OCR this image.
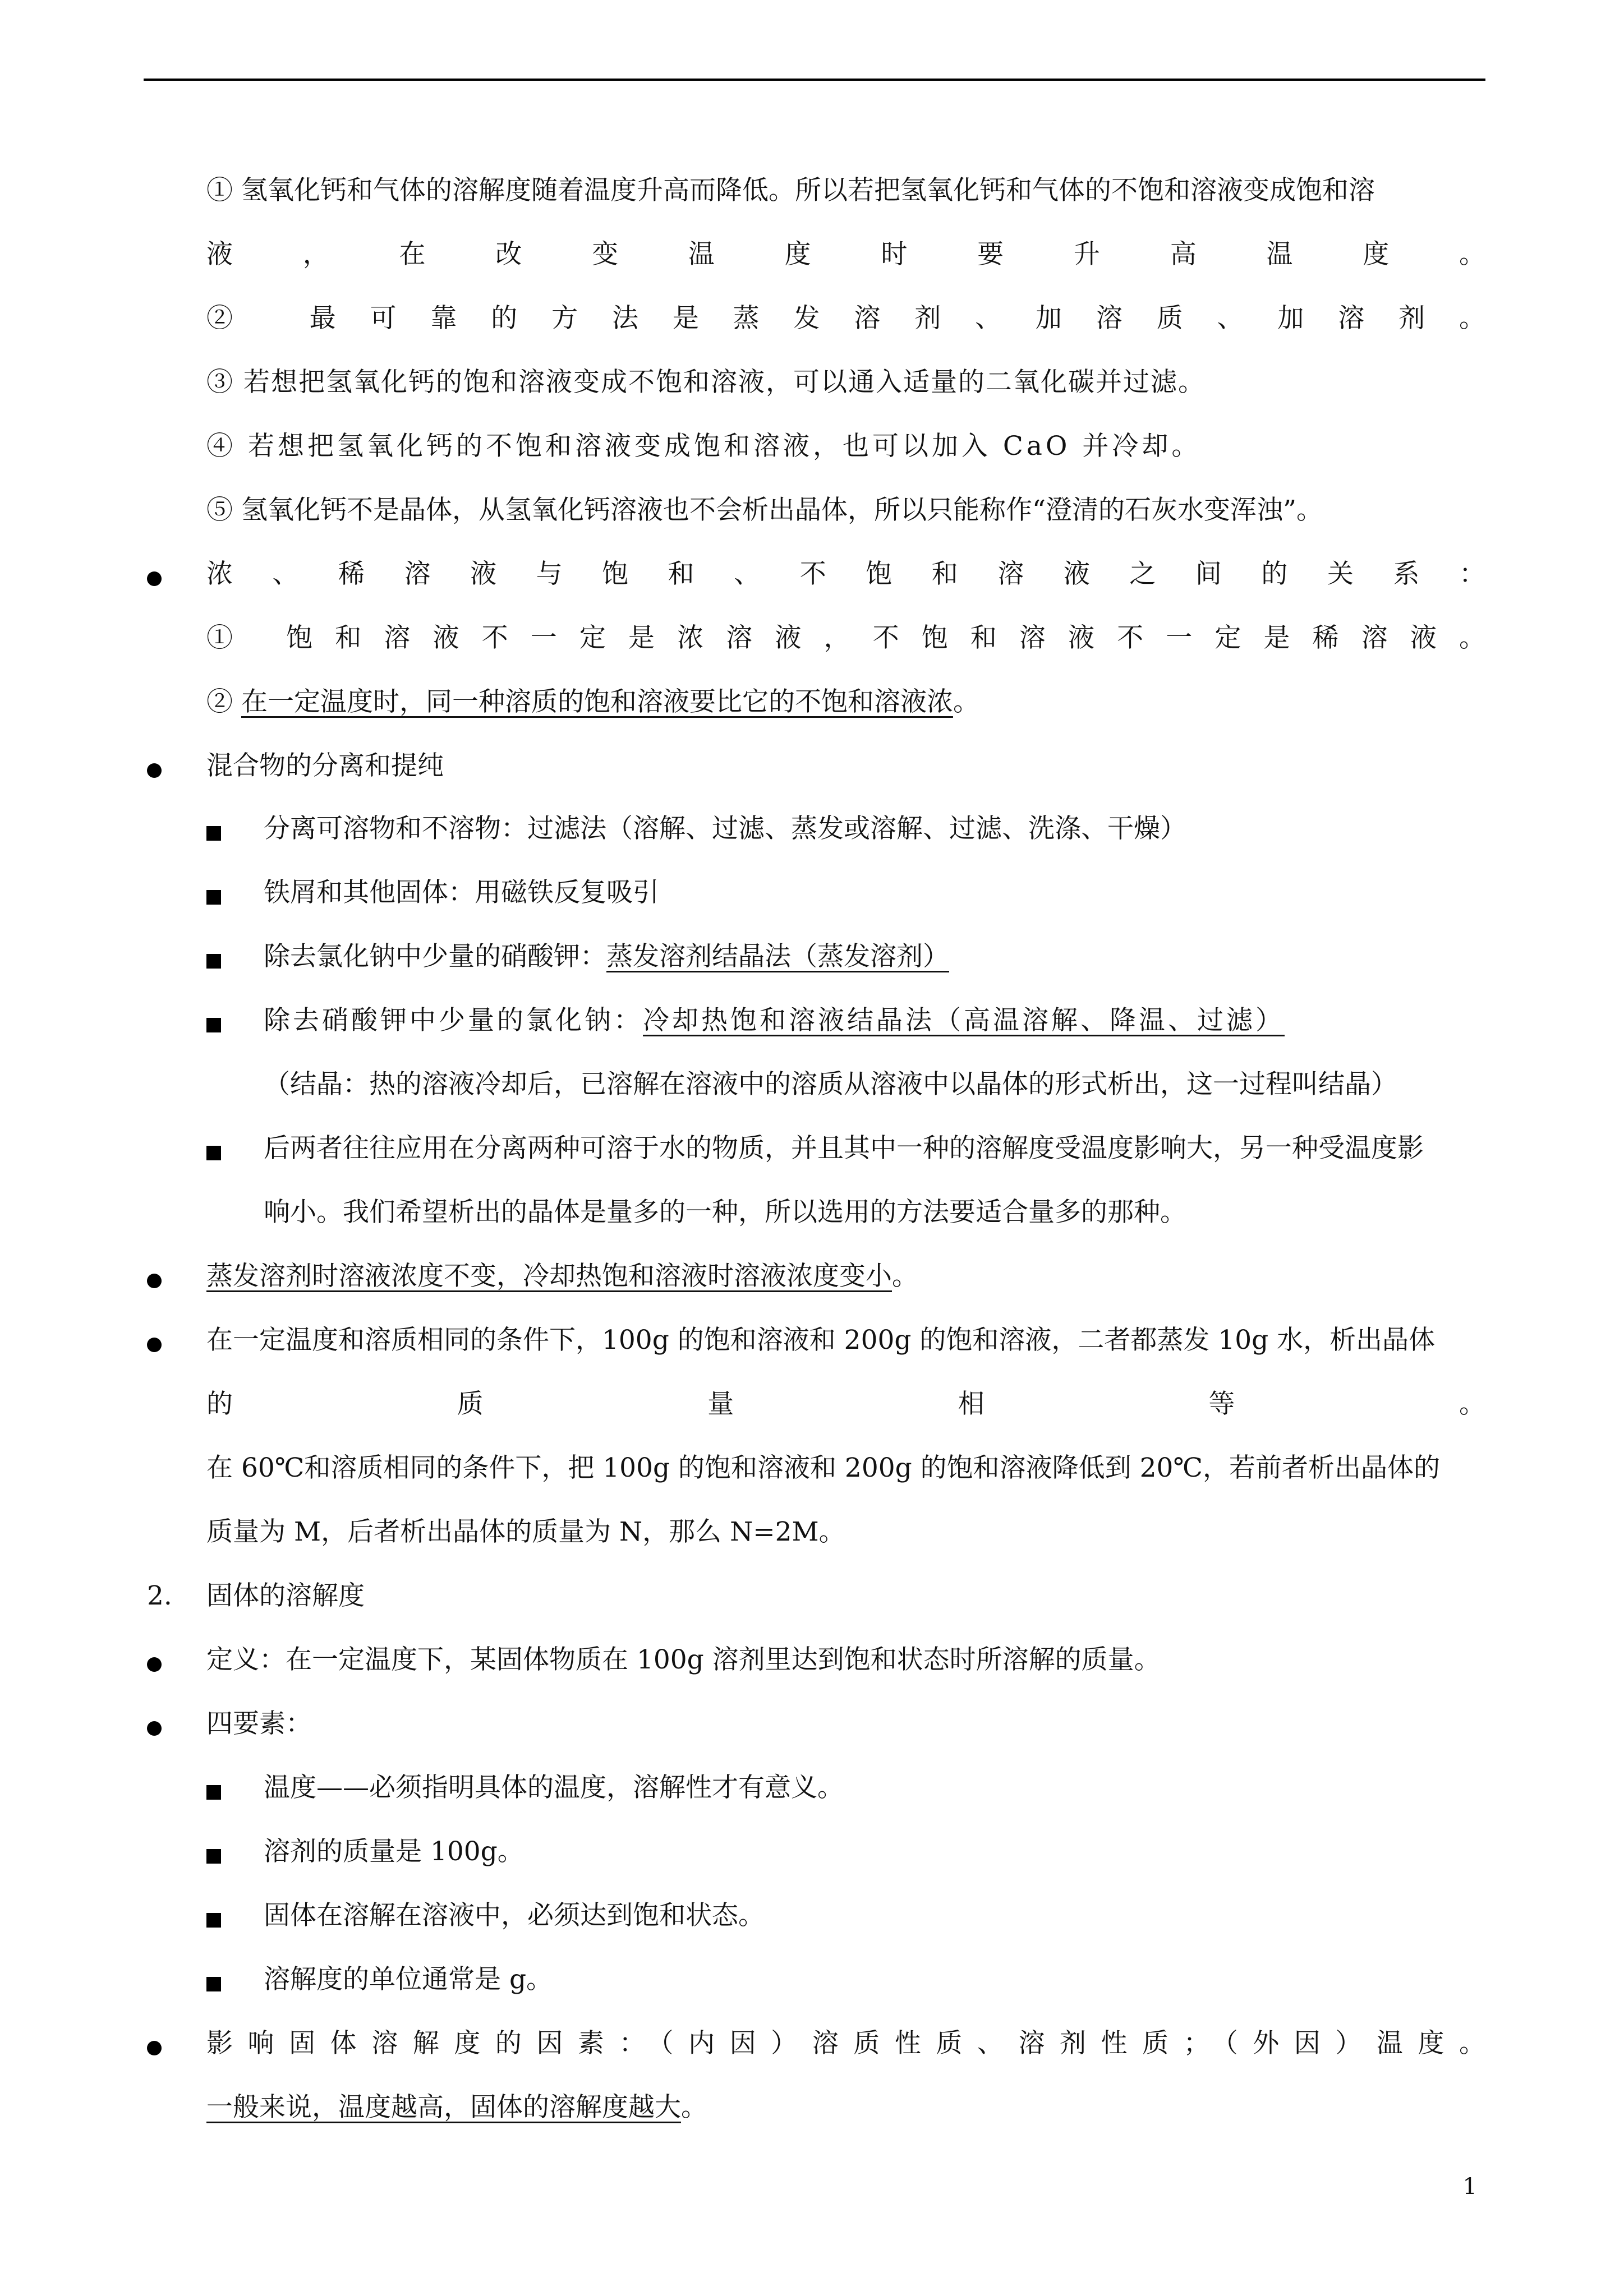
① 氢氧化钙和气体的溶解度随着温度升高而降低。所以若把氢氧化钙和气体的不饱和溶液变成饱和溶
液，在改变温度时要升高温度。
② 最可靠的方法是蒸发溶剂、加溶质、加溶剂。
③ 若想把氢氧化钙的饱和溶液变成不饱和溶液，可以通入适量的二氧化碳并过滤。
④ 若想把氢氧化钙的不饱和溶液变成饱和溶液，也可以加入 CaO 并冷却。
⑤ 氢氧化钙不是晶体，从氢氧化钙溶液也不会析出晶体，所以只能称作“澄清的石灰水变浑浊”。
浓、稀溶液与饱和、不饱和溶液之间的关系：
① 饱和溶液不一定是浓溶液，不饱和溶液不一定是稀溶液。
② 在一定温度时，同一种溶质的饱和溶液要比它的不饱和溶液浓。
混合物的分离和提纯
分离可溶物和不溶物：过滤法（溶解、过滤、蒸发或溶解、过滤、洗涤、干燥）
铁屑和其他固体：用磁铁反复吸引
除去氯化钠中少量的硝酸钾：蒸发溶剂结晶法（蒸发溶剂）
除去硝酸钾中少量的氯化钠：冷却热饱和溶液结晶法（高温溶解、降温、过滤）
（结晶：热的溶液冷却后，已溶解在溶液中的溶质从溶液中以晶体的形式析出，这一过程叫结晶）
后两者往往应用在分离两种可溶于水的物质，并且其中一种的溶解度受温度影响大，另一种受温度影
响小。我们希望析出的晶体是量多的一种，所以选用的方法要适合量多的那种。
蒸发溶剂时溶液浓度不变，冷却热饱和溶液时溶液浓度变小。
在一定温度和溶质相同的条件下，100g 的饱和溶液和 200g 的饱和溶液，二者都蒸发 10g 水，析出晶体
的质量相等。
在 60℃和溶质相同的条件下，把 100g 的饱和溶液和 200g 的饱和溶液降低到 20℃，若前者析出晶体的
质量为 M，后者析出晶体的质量为 N，那么 N=2M。
2. 固体的溶解度
定义：在一定温度下，某固体物质在 100g 溶剂里达到饱和状态时所溶解的质量。
四要素：
温度——必须指明具体的温度，溶解性才有意义。
溶剂的质量是 100g。
固体在溶解在溶液中，必须达到饱和状态。
溶解度的单位通常是 g。
影响固体溶解度的因素：（内因）溶质性质、溶剂性质；（外因）温度。
一般来说，温度越高，固体的溶解度越大。
1
